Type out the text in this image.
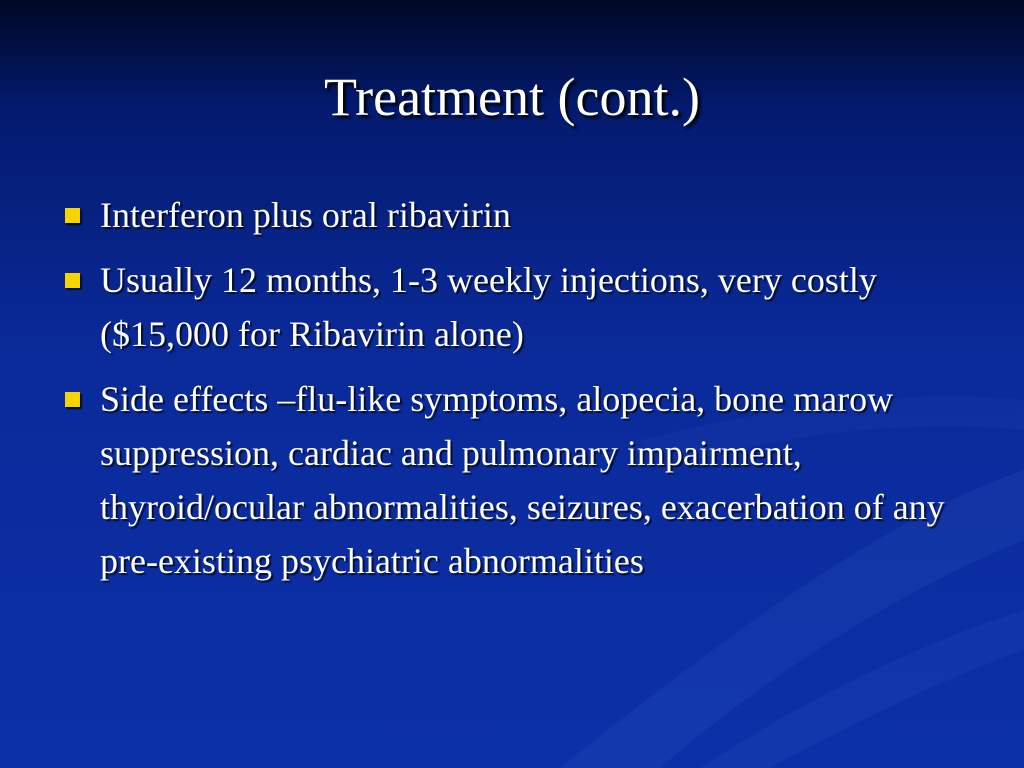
Treatment (cont.)
Interferon plus oral ribavirin
Usually 12 months, 1-3 weekly injections, very costly ($15,000 for Ribavirin alone)
Side effects –flu-like symptoms, alopecia, bone marow suppression, cardiac and pulmonary impairment, thyroid/ocular abnormalities, seizures, exacerbation of any pre-existing psychiatric abnormalities
